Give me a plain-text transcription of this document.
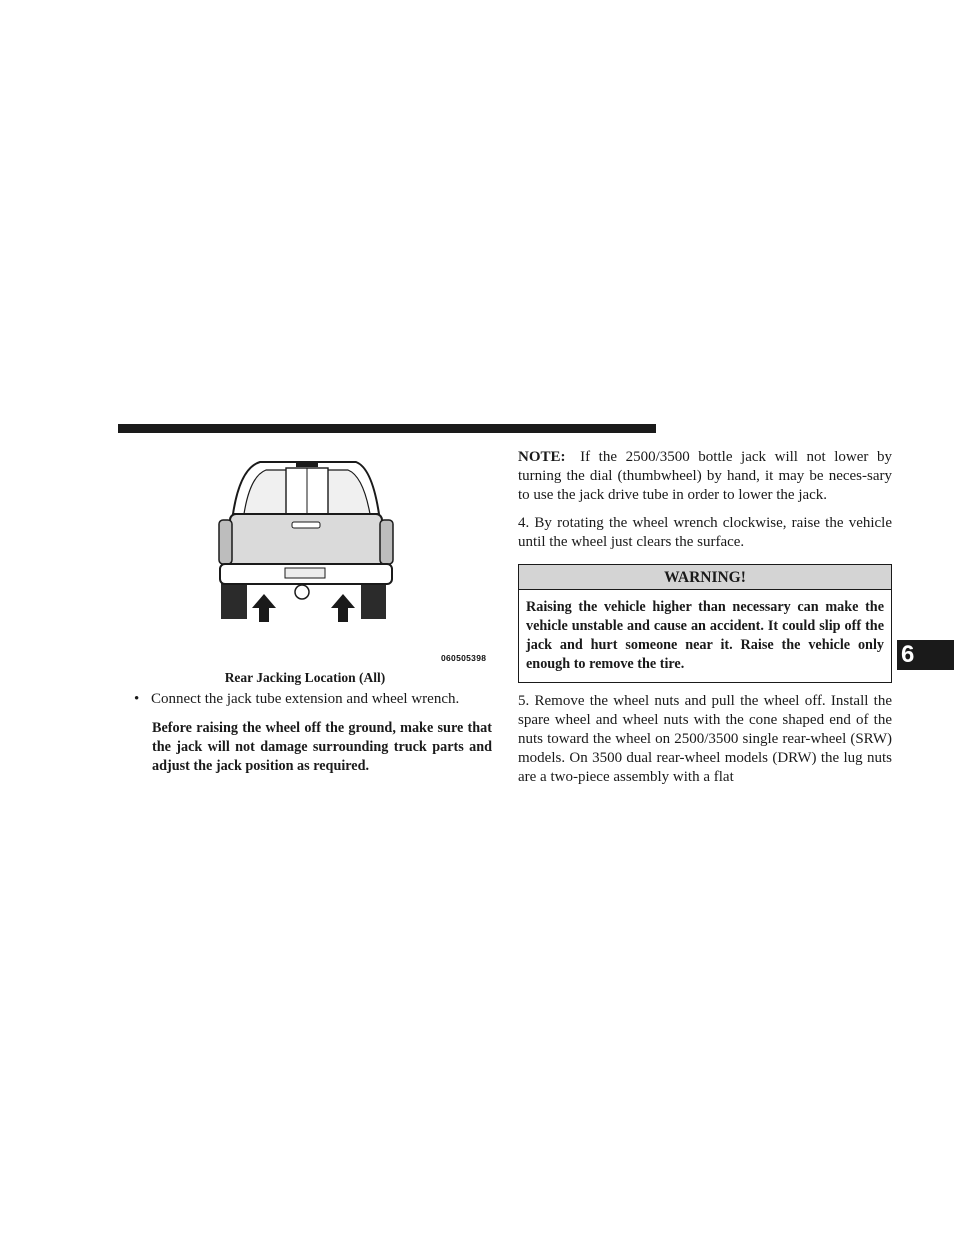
060505398
Rear Jacking Location (All)
• Connect the jack tube extension and wheel wrench.
Before raising the wheel off the ground, make sure that the jack will not damage surrounding truck parts and adjust the jack position as required.
NOTE: If the 2500/3500 bottle jack will not lower by turning the dial (thumbwheel) by hand, it may be neces-sary to use the jack drive tube in order to lower the jack.
4. By rotating the wheel wrench clockwise, raise the vehicle until the wheel just clears the surface.
WARNING!
Raising the vehicle higher than necessary can make the vehicle unstable and cause an accident. It could slip off the jack and hurt someone near it. Raise the vehicle only enough to remove the tire.
5. Remove the wheel nuts and pull the wheel off. Install the spare wheel and wheel nuts with the cone shaped end of the nuts toward the wheel on 2500/3500 single rear-wheel (SRW) models. On 3500 dual rear-wheel models (DRW) the lug nuts are a two-piece assembly with a flat
6
